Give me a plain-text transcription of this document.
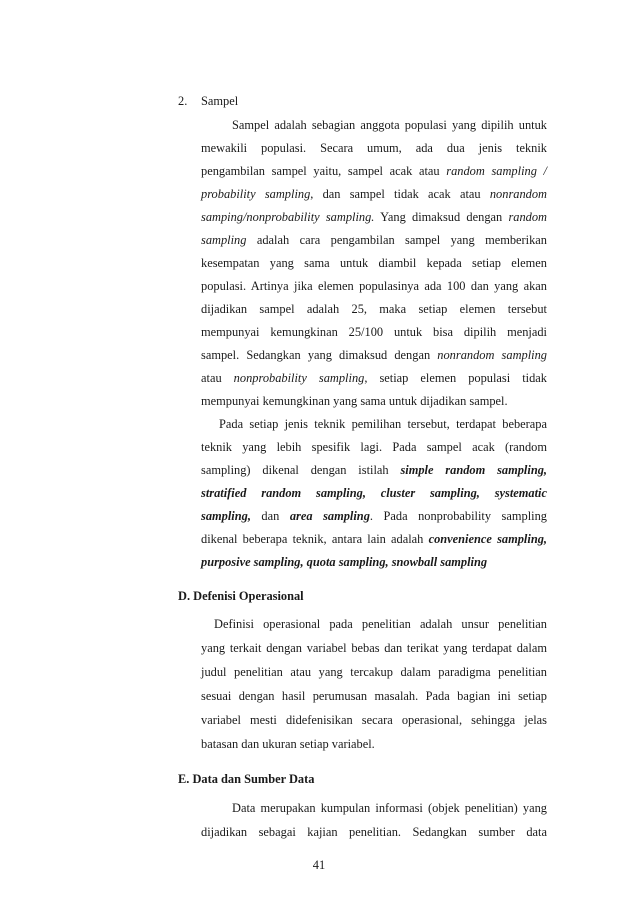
2. Sampel
Sampel adalah sebagian anggota populasi yang dipilih untuk
mewakili populasi. Secara umum, ada dua jenis teknik
pengambilan sampel yaitu, sampel acak atau random sampling /
probability sampling, dan sampel tidak acak atau nonrandom
samping/nonprobability sampling. Yang dimaksud dengan random
sampling adalah cara pengambilan sampel yang memberikan
kesempatan yang sama untuk diambil kepada setiap elemen
populasi. Artinya jika elemen populasinya ada 100 dan yang akan
dijadikan sampel adalah 25, maka setiap elemen tersebut
mempunyai kemungkinan 25/100 untuk bisa dipilih menjadi
sampel. Sedangkan yang dimaksud dengan nonrandom sampling
atau nonprobability sampling, setiap elemen populasi tidak
mempunyai kemungkinan yang sama untuk dijadikan sampel.
Pada setiap jenis teknik pemilihan tersebut, terdapat beberapa
teknik yang lebih spesifik lagi. Pada sampel acak (random
sampling) dikenal dengan istilah simple random sampling,
stratified random sampling, cluster sampling, systematic
sampling, dan area sampling. Pada nonprobability sampling
dikenal beberapa teknik, antara lain adalah convenience sampling,
purposive sampling, quota sampling, snowball sampling
D. Defenisi Operasional
Definisi operasional pada penelitian adalah unsur penelitian
yang terkait dengan variabel bebas dan terikat yang terdapat dalam
judul penelitian atau yang tercakup dalam paradigma penelitian
sesuai dengan hasil perumusan masalah. Pada bagian ini setiap
variabel mesti didefenisikan secara operasional, sehingga jelas
batasan dan ukuran setiap variabel.
E. Data dan Sumber Data
Data merupakan kumpulan informasi (objek penelitian) yang
dijadikan sebagai kajian penelitian. Sedangkan sumber data
41
